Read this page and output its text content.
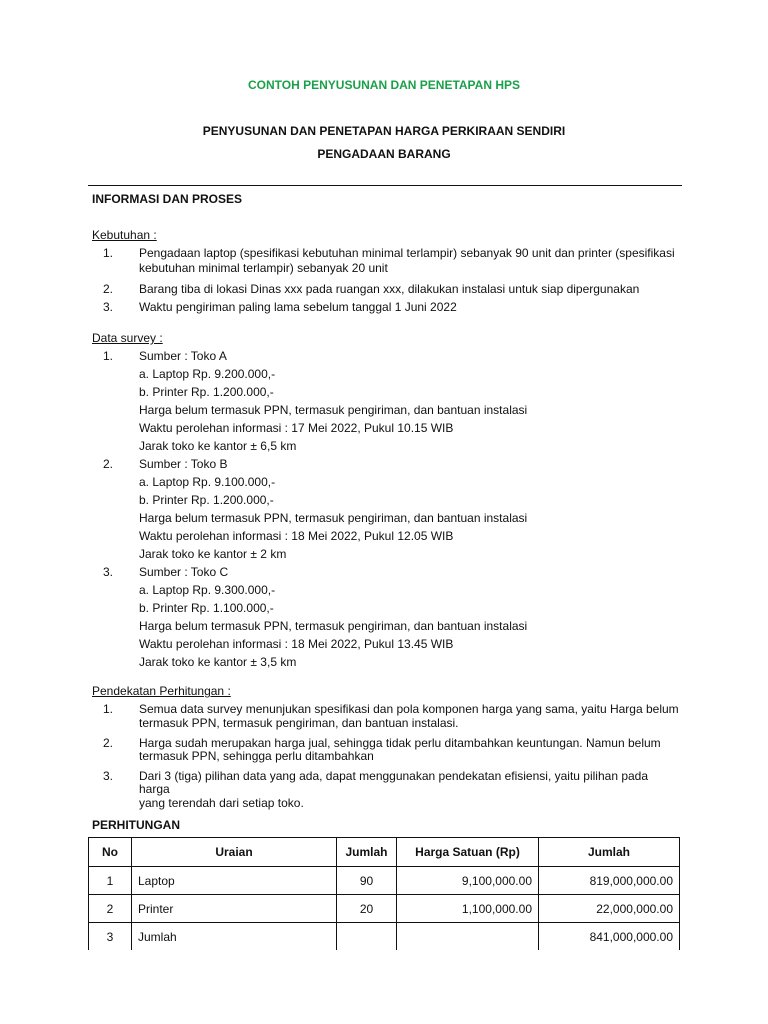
CONTOH PENYUSUNAN DAN PENETAPAN HPS
PENYUSUNAN DAN PENETAPAN HARGA PERKIRAAN SENDIRI
PENGADAAN BARANG
INFORMASI DAN PROSES
Kebutuhan :
1. Pengadaan laptop (spesifikasi kebutuhan minimal terlampir) sebanyak 90 unit dan printer (spesifikasi
kebutuhan minimal terlampir) sebanyak 20 unit
2. Barang tiba di lokasi Dinas xxx pada ruangan xxx, dilakukan instalasi untuk siap dipergunakan
3. Waktu pengiriman paling lama sebelum tanggal 1 Juni 2022
Data survey :
1. Sumber : Toko A
a. Laptop Rp. 9.200.000,-
b. Printer Rp. 1.200.000,-
Harga belum termasuk PPN, termasuk pengiriman, dan bantuan instalasi
Waktu perolehan informasi : 17 Mei 2022, Pukul 10.15 WIB
Jarak toko ke kantor ± 6,5 km
2. Sumber : Toko B
a. Laptop Rp. 9.100.000,-
b. Printer Rp. 1.200.000,-
Harga belum termasuk PPN, termasuk pengiriman, dan bantuan instalasi
Waktu perolehan informasi : 18 Mei 2022, Pukul 12.05 WIB
Jarak toko ke kantor ± 2 km
3. Sumber : Toko C
a. Laptop Rp. 9.300.000,-
b. Printer Rp. 1.100.000,-
Harga belum termasuk PPN, termasuk pengiriman, dan bantuan instalasi
Waktu perolehan informasi : 18 Mei 2022, Pukul 13.45 WIB
Jarak toko ke kantor ± 3,5 km
Pendekatan Perhitungan :
1. Semua data survey menunjukan spesifikasi dan pola komponen harga yang sama, yaitu Harga belum
termasuk PPN, termasuk pengiriman, dan bantuan instalasi.
2. Harga sudah merupakan harga jual, sehingga tidak perlu ditambahkan keuntungan. Namun belum
termasuk PPN, sehingga perlu ditambahkan
3. Dari 3 (tiga) pilihan data yang ada, dapat menggunakan pendekatan efisiensi, yaitu pilihan pada harga
yang terendah dari setiap toko.
PERHITUNGAN
No	Uraian	Jumlah	Harga Satuan (Rp)	Jumlah
1	Laptop	90	9,100,000.00	819,000,000.00
2	Printer	20	1,100,000.00	22,000,000.00
3	Jumlah			841,000,000.00
